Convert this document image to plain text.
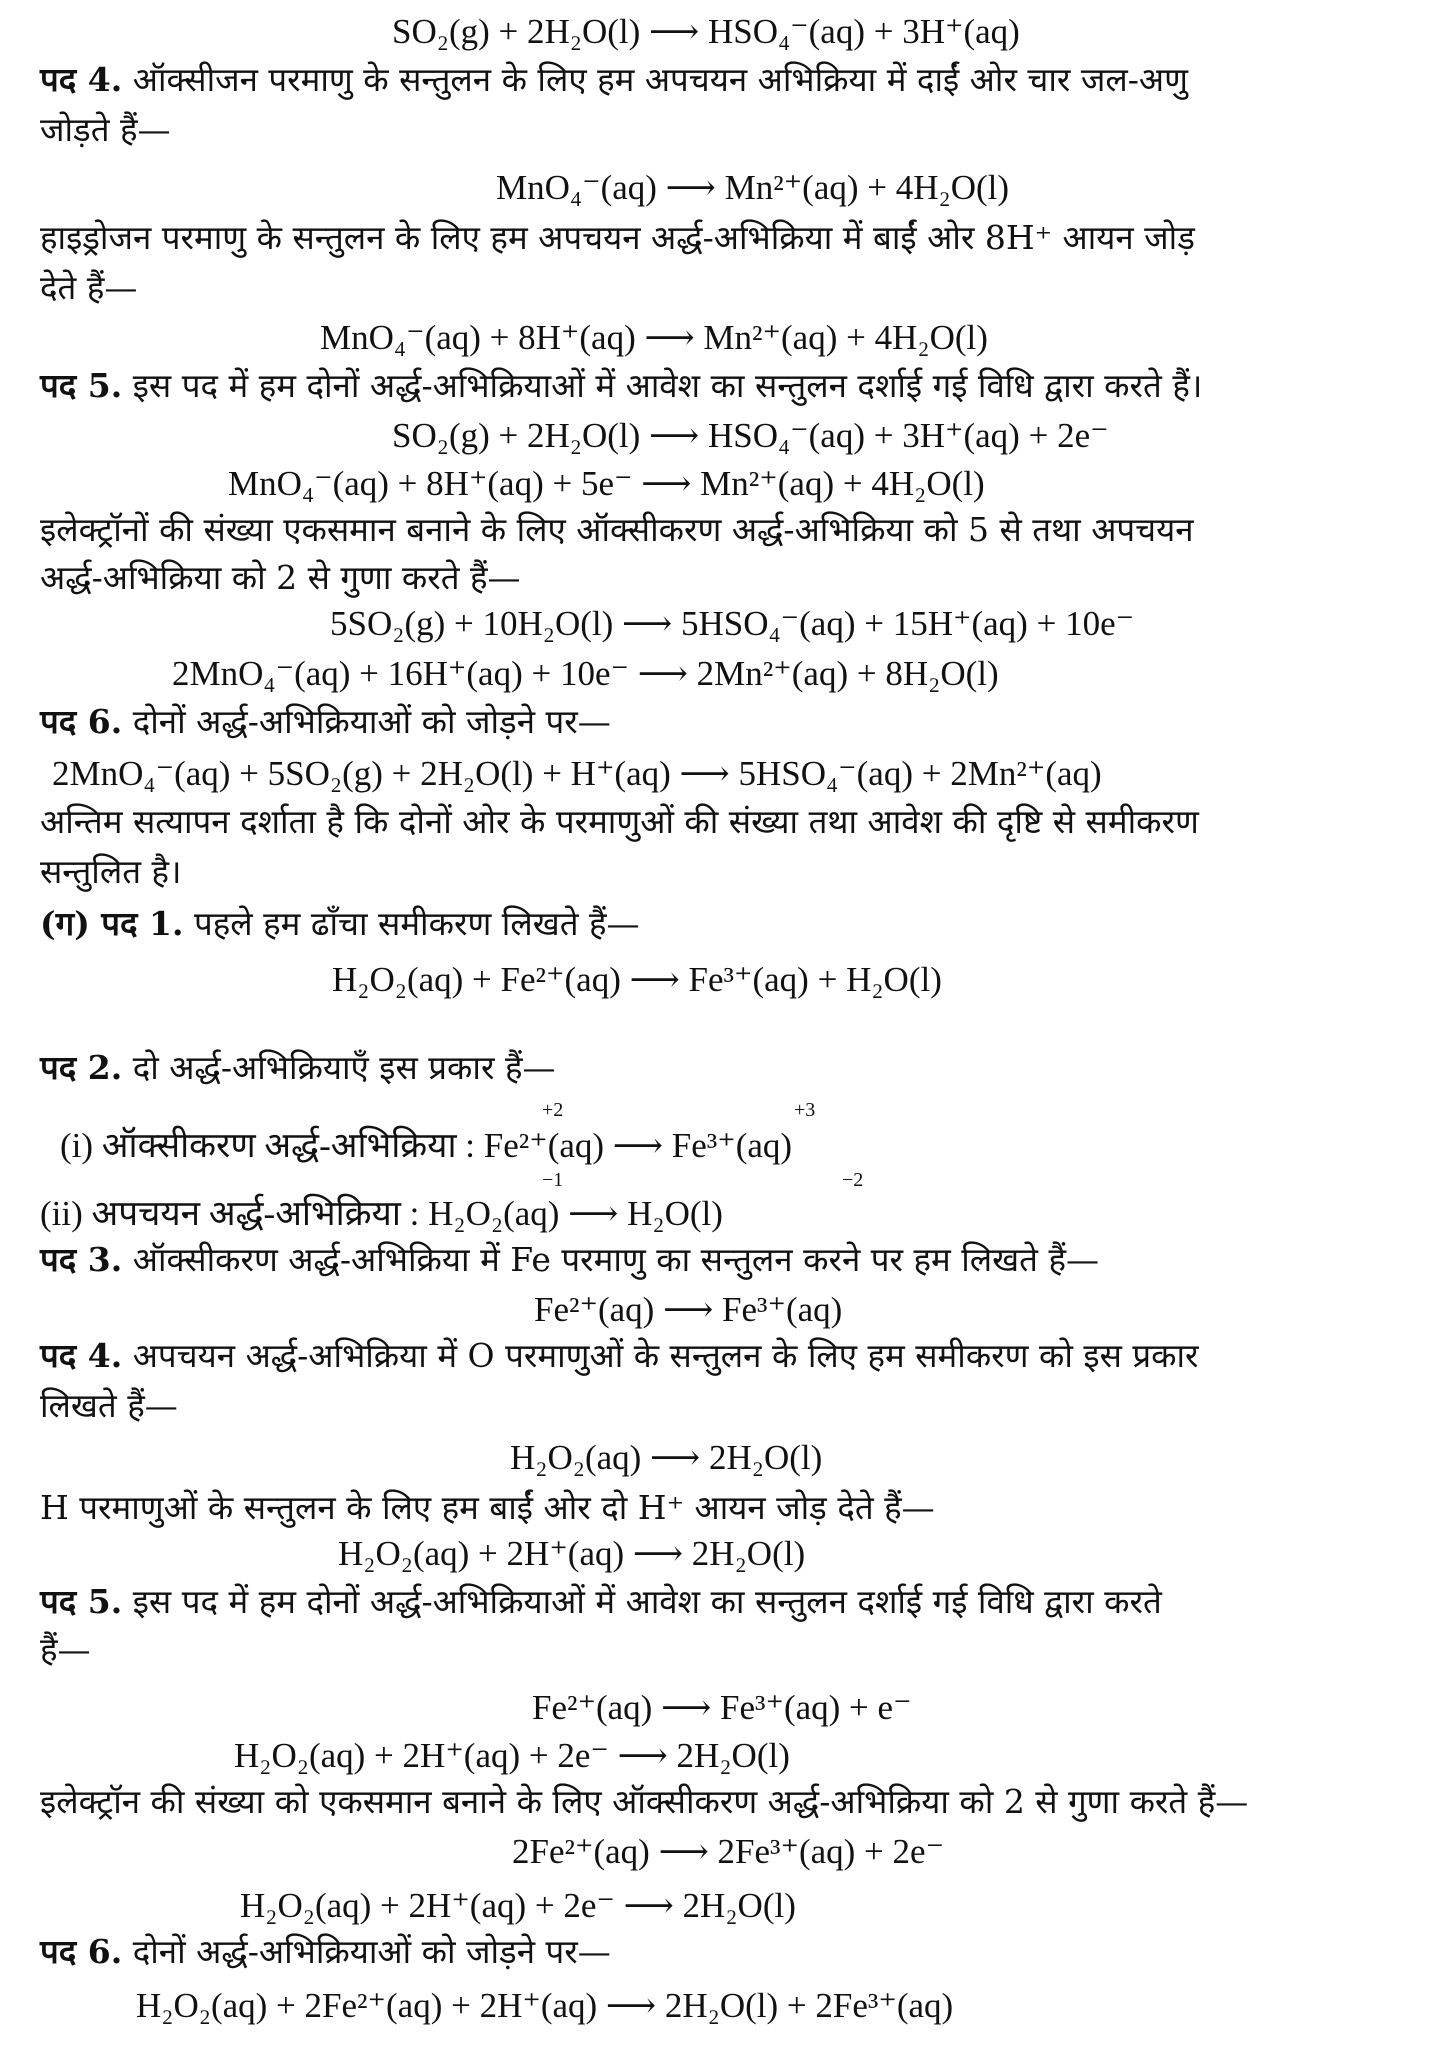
SO₂(g) + 2H₂O(l) ⟶ HSO₄⁻(aq) + 3H⁺(aq)
पद 4. ऑक्सीजन परमाणु के सन्तुलन के लिए हम अपचयन अभिक्रिया में दाईं ओर चार जल-अणु
जोड़ते हैं—
MnO₄⁻(aq) ⟶ Mn²⁺(aq) + 4H₂O(l)
हाइड्रोजन परमाणु के सन्तुलन के लिए हम अपचयन अर्द्ध-अभिक्रिया में बाईं ओर 8H⁺ आयन जोड़
देते हैं—
MnO₄⁻(aq) + 8H⁺(aq) ⟶ Mn²⁺(aq) + 4H₂O(l)
पद 5. इस पद में हम दोनों अर्द्ध-अभिक्रियाओं में आवेश का सन्तुलन दर्शाई गई विधि द्वारा करते हैं।
SO₂(g) + 2H₂O(l) ⟶ HSO₄⁻(aq) + 3H⁺(aq) + 2e⁻
MnO₄⁻(aq) + 8H⁺(aq) + 5e⁻ ⟶ Mn²⁺(aq) + 4H₂O(l)
इलेक्ट्रॉनों की संख्या एकसमान बनाने के लिए ऑक्सीकरण अर्द्ध-अभिक्रिया को 5 से तथा अपचयन
अर्द्ध-अभिक्रिया को 2 से गुणा करते हैं—
5SO₂(g) + 10H₂O(l) ⟶ 5HSO₄⁻(aq) + 15H⁺(aq) + 10e⁻
2MnO₄⁻(aq) + 16H⁺(aq) + 10e⁻ ⟶ 2Mn²⁺(aq) + 8H₂O(l)
पद 6. दोनों अर्द्ध-अभिक्रियाओं को जोड़ने पर—
2MnO₄⁻(aq) + 5SO₂(g) + 2H₂O(l) + H⁺(aq) ⟶ 5HSO₄⁻(aq) + 2Mn²⁺(aq)
अन्तिम सत्यापन दर्शाता है कि दोनों ओर के परमाणुओं की संख्या तथा आवेश की दृष्टि से समीकरण
सन्तुलित है।
(ग) पद 1. पहले हम ढाँचा समीकरण लिखते हैं—
H₂O₂(aq) + Fe²⁺(aq) ⟶ Fe³⁺(aq) + H₂O(l)
पद 2. दो अर्द्ध-अभिक्रियाएँ इस प्रकार हैं—
+2	+3
(i) ऑक्सीकरण अर्द्ध-अभिक्रिया : Fe²⁺(aq) ⟶ Fe³⁺(aq)
−1	−2
(ii) अपचयन अर्द्ध-अभिक्रिया : H₂O₂(aq) ⟶ H₂O(l)
पद 3. ऑक्सीकरण अर्द्ध-अभिक्रिया में Fe परमाणु का सन्तुलन करने पर हम लिखते हैं—
Fe²⁺(aq) ⟶ Fe³⁺(aq)
पद 4. अपचयन अर्द्ध-अभिक्रिया में O परमाणुओं के सन्तुलन के लिए हम समीकरण को इस प्रकार
लिखते हैं—
H₂O₂(aq) ⟶ 2H₂O(l)
H परमाणुओं के सन्तुलन के लिए हम बाईं ओर दो H⁺ आयन जोड़ देते हैं—
H₂O₂(aq) + 2H⁺(aq) ⟶ 2H₂O(l)
पद 5. इस पद में हम दोनों अर्द्ध-अभिक्रियाओं में आवेश का सन्तुलन दर्शाई गई विधि द्वारा करते
हैं—
Fe²⁺(aq) ⟶ Fe³⁺(aq) + e⁻
H₂O₂(aq) + 2H⁺(aq) + 2e⁻ ⟶ 2H₂O(l)
इलेक्ट्रॉन की संख्या को एकसमान बनाने के लिए ऑक्सीकरण अर्द्ध-अभिक्रिया को 2 से गुणा करते हैं—
2Fe²⁺(aq) ⟶ 2Fe³⁺(aq) + 2e⁻
H₂O₂(aq) + 2H⁺(aq) + 2e⁻ ⟶ 2H₂O(l)
पद 6. दोनों अर्द्ध-अभिक्रियाओं को जोड़ने पर—
H₂O₂(aq) + 2Fe²⁺(aq) + 2H⁺(aq) ⟶ 2H₂O(l) + 2Fe³⁺(aq)
